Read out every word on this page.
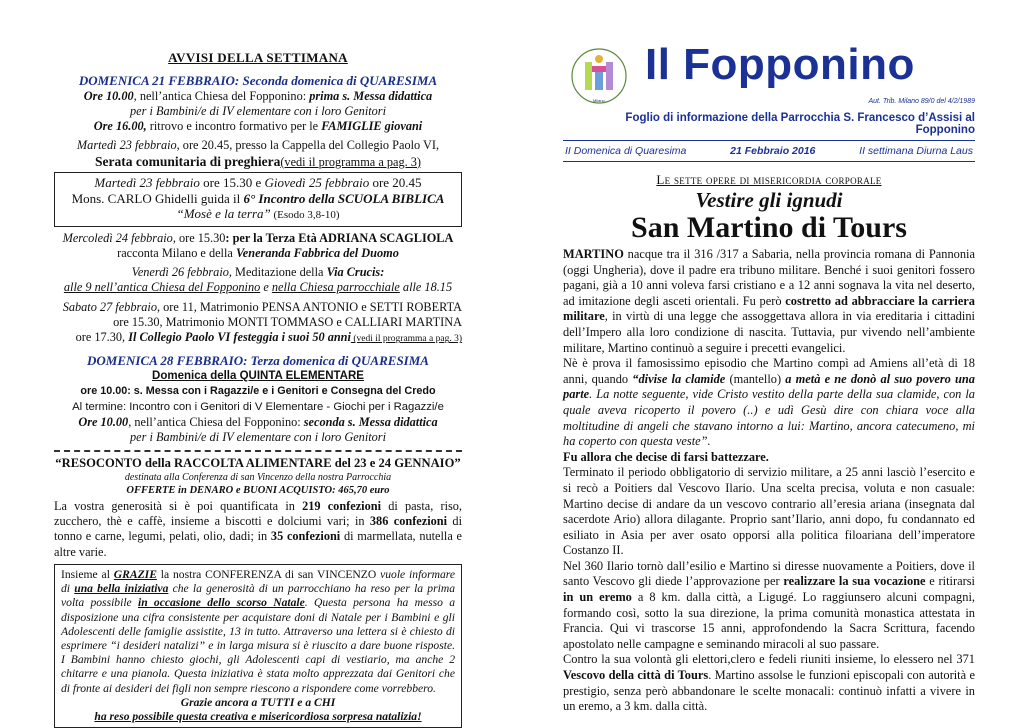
AVVISI DELLA SETTIMANA
DOMENICA 21 FEBBRAIO: Seconda domenica di QUARESIMA
Ore 10.00, nell’antica Chiesa del Fopponino: prima s. Messa didattica
per i Bambini/e di IV elementare con i loro Genitori
Ore 16.00, ritrovo e incontro formativo per le FAMIGLIE giovani
Martedì 23 febbraio, ore 20.45, presso la Cappella del Collegio Paolo VI,
Serata comunitaria di preghiera(vedi il programma a pag. 3)
Martedì 23 febbraio ore 15.30 e Giovedì 25 febbraio ore 20.45
Mons. CARLO Ghidelli guida il 6° Incontro della SCUOLA BIBLICA
“Mosè e la terra” (Esodo 3,8-10)
Mercoledì 24 febbraio, ore 15.30: per la Terza Età ADRIANA SCAGLIOLA
racconta Milano e della Veneranda Fabbrica del Duomo
Venerdì 26 febbraio, Meditazione della Via Crucis:
alle 9 nell’antica Chiesa del Fopponino e nella Chiesa parrocchiale alle 18.15
Sabato 27 febbraio, ore 11, Matrimonio PENSA ANTONIO e SETTI ROBERTA
ore 15.30, Matrimonio MONTI TOMMASO e CALLIARI MARTINA
ore 17.30, Il Collegio Paolo VI festeggia i suoi 50 anni (vedi il programma a pag. 3)
DOMENICA 28 FEBBRAIO: Terza domenica di QUARESIMA
Domenica della QUINTA ELEMENTARE
ore 10.00: s. Messa con i Ragazzi/e e i Genitori e Consegna del Credo
Al termine: Incontro con i Genitori di V Elementare - Giochi per i Ragazzi/e
Ore 10.00, nell’antica Chiesa del Fopponino: seconda s. Messa didattica
per i Bambini/e di IV elementare con i loro Genitori
“RESOCONTO della RACCOLTA ALIMENTARE del 23 e 24 GENNAIO”
destinata alla Conferenza di san Vincenzo della nostra Parrocchia
OFFERTE in DENARO e BUONI ACQUISTO: 465,70 euro
La vostra generosità si è poi quantificata in 219 confezioni di pasta, riso, zucchero, thè e caffè, insieme a biscotti e dolciumi vari; in 386 confezioni di tonno e carne, legumi, pelati, olio, dadi; in 35 confezioni di marmellata, nutella e altre varie.
Insieme al GRAZIE la nostra CONFERENZA di san VINCENZO vuole informare di una bella iniziativa che la generosità di un parrocchiano ha reso per la prima volta possibile in occasione dello scorso Natale. Questa persona ha messo a disposizione una cifra consistente per acquistare doni di Natale per i Bambini e gli Adolescenti delle famiglie assistite, 13 in tutto. Attraverso una lettera si è chiesto di esprimere “i desideri natalizi” e in larga misura si è riuscito a dare buone risposte. I Bambini hanno chiesto giochi, gli Adolescenti capi di vestiario, ma anche 2 chitarre e una pianola. Questa iniziativa è stata molto apprezzata dai Genitori che di fronte ai desideri dei figli non sempre riescono a rispondere come vorrebbero.
Grazie ancora a TUTTI e a CHI
ha reso possibile questa creativa e misericordiosa sorpresa natalizia!
Milano
Il Fopponino
Aut. Trib. Milano 89/0 del 4/2/1989
Foglio di informazione della Parrocchia S. Francesco d’Assisi al Fopponino
II Domenica di Quaresima	21 Febbraio 2016	II settimana Diurna Laus
Le sette opere di misericordia corporale
Vestire gli ignudi
San Martino di Tours

MARTINO nacque tra il 316 /317 a Sabaria, nella provincia romana di Pannonia (oggi Ungheria), dove il padre era tribuno militare. Benché i suoi genitori fossero pagani, già a 10 anni voleva farsi cristiano e a 12 anni sognava la vita nel deserto, ad imitazione degli asceti orientali. Fu però costretto ad abbracciare la carriera militare, in virtù di una legge che assoggettava allora in via ereditaria i cittadini dell’Impero alla loro condizione di nascita. Tuttavia, pur vivendo nell’ambiente militare, Martino continuò a seguire i precetti evangelici.

Nè è prova il famosissimo episodio che Martino compì ad Amiens all’età di 18 anni, quando “divise la clamide (mantello) a metà e ne donò al suo povero una parte. La notte seguente, vide Cristo vestito della parte della sua clamide, con la quale aveva ricoperto il povero (..) e udì Gesù dire con chiara voce alla moltitudine di angeli che stavano intorno a lui: Martino, ancora catecumeno, mi ha coperto con questa veste”.

Fu allora che decise di farsi battezzare.

Terminato il periodo obbligatorio di servizio militare, a 25 anni lasciò l’esercito e si recò a Poitiers dal Vescovo Ilario. Una scelta precisa, voluta e non casuale: Martino decise di andare da un vescovo contrario all’eresia ariana (insegnata dal sacerdote Ario) allora dilagante. Proprio sant’Ilario, anni dopo, fu condannato ed esiliato in Asia per aver osato opporsi alla politica filoariana dell’imperatore Costanzo II.

Nel 360 Ilario tornò dall’esilio e Martino si diresse nuovamente a Poitiers, dove il santo Vescovo gli diede l’approvazione per realizzare la sua vocazione e ritirarsi in un eremo a 8 km. dalla città, a Ligugé. Lo raggiunsero alcuni compagni, formando così, sotto la sua direzione, la prima comunità monastica attestata in Francia. Qui vi trascorse 15 anni, approfondendo la Sacra Scrittura, facendo apostolato nelle campagne e seminando miracoli al suo passare.

Contro la sua volontà gli elettori,clero e fedeli riuniti insieme, lo elessero nel 371 Vescovo della città di Tours. Martino assolse le funzioni episcopali con autorità e prestigio, senza però abbandonare le scelte monacali: continuò infatti a vivere in un eremo, a 3 km. dalla città.
